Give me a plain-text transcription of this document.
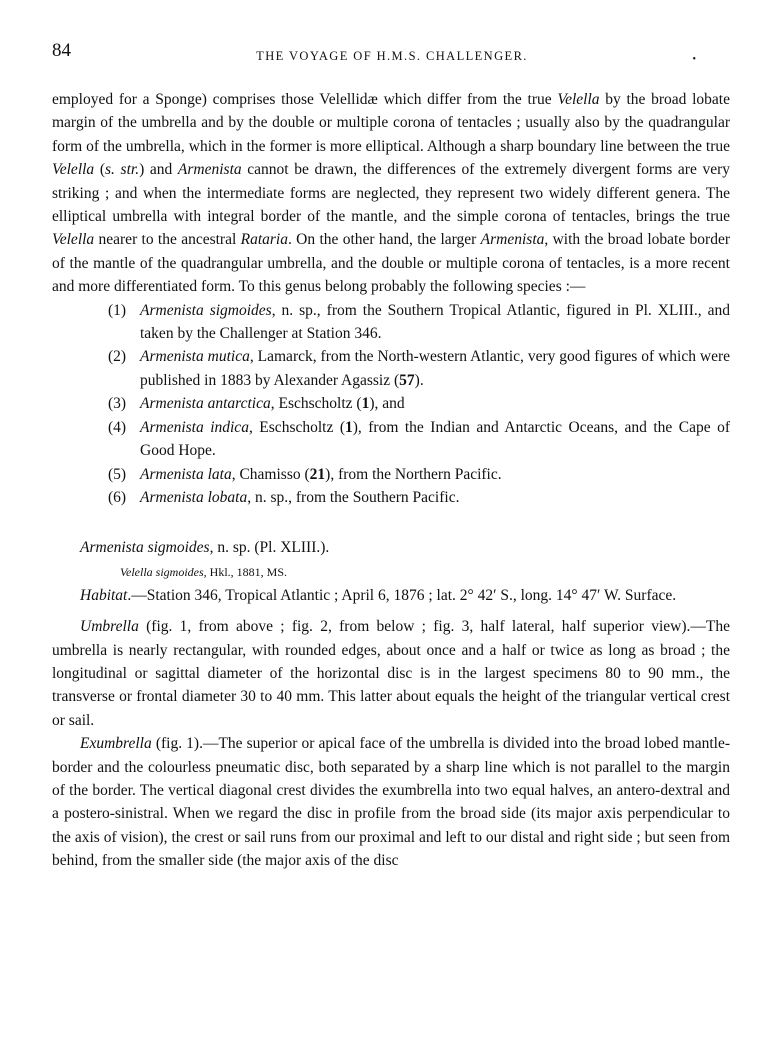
84	THE VOYAGE OF H.M.S. CHALLENGER.	•

employed for a Sponge) comprises those Velellidæ which differ from the true Velella by the broad lobate margin of the umbrella and by the double or multiple corona of tentacles ; usually also by the quadrangular form of the umbrella, which in the former is more elliptical. Although a sharp boundary line between the true Velella (s. str.) and Armenista cannot be drawn, the differences of the extremely divergent forms are very striking ; and when the intermediate forms are neglected, they represent two widely different genera. The elliptical umbrella with integral border of the mantle, and the simple corona of tentacles, brings the true Velella nearer to the ancestral Rataria. On the other hand, the larger Armenista, with the broad lobate border of the mantle of the quadrangular umbrella, and the double or multiple corona of tentacles, is a more recent and more differentiated form. To this genus belong probably the following species :—

(1) Armenista sigmoides, n. sp., from the Southern Tropical Atlantic, figured in Pl. XLIII., and taken by the Challenger at Station 346.
(2) Armenista mutica, Lamarck, from the North-western Atlantic, very good figures of which were published in 1883 by Alexander Agassiz (57).
(3) Armenista antarctica, Eschscholtz (1), and
(4) Armenista indica, Eschscholtz (1), from the Indian and Antarctic Oceans, and the Cape of Good Hope.
(5) Armenista lata, Chamisso (21), from the Northern Pacific.
(6) Armenista lobata, n. sp., from the Southern Pacific.
Armenista sigmoides, n. sp. (Pl. XLIII.).
Velella sigmoides, Hkl., 1881, MS.

Habitat.—Station 346, Tropical Atlantic ; April 6, 1876 ; lat. 2° 42′ S., long. 14° 47′ W. Surface.

Umbrella (fig. 1, from above ; fig. 2, from below ; fig. 3, half lateral, half superior view).—The umbrella is nearly rectangular, with rounded edges, about once and a half or twice as long as broad ; the longitudinal or sagittal diameter of the horizontal disc is in the largest specimens 80 to 90 mm., the transverse or frontal diameter 30 to 40 mm. This latter about equals the height of the triangular vertical crest or sail.

Exumbrella (fig. 1).—The superior or apical face of the umbrella is divided into the broad lobed mantle-border and the colourless pneumatic disc, both separated by a sharp line which is not parallel to the margin of the border. The vertical diagonal crest divides the exumbrella into two equal halves, an antero-dextral and a postero-sinistral. When we regard the disc in profile from the broad side (its major axis perpendicular to the axis of vision), the crest or sail runs from our proximal and left to our distal and right side ; but seen from behind, from the smaller side (the major axis of the disc
